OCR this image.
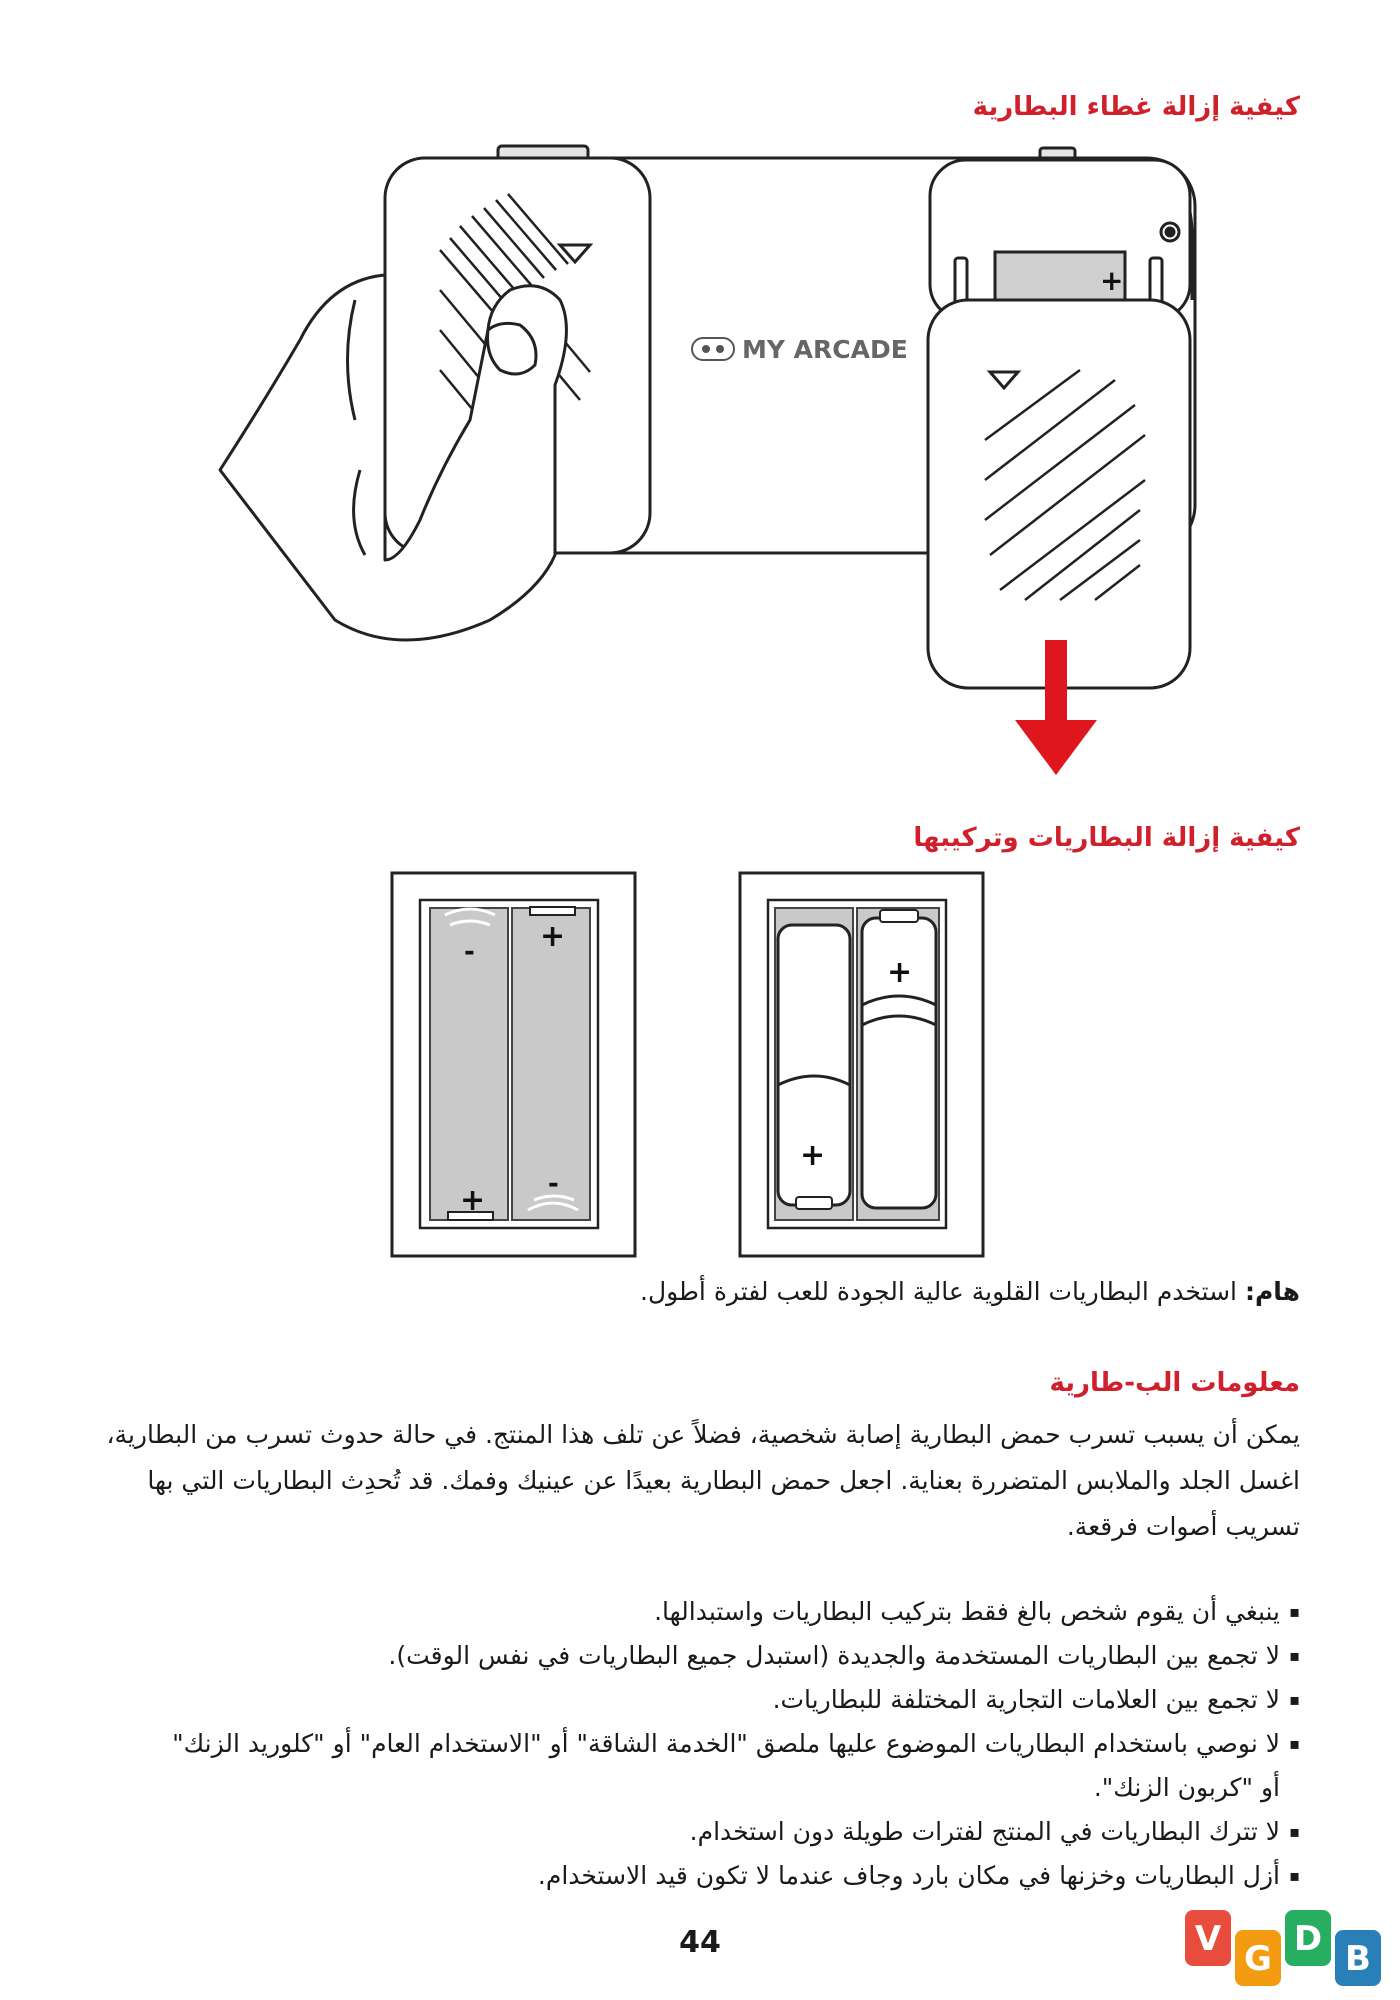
كيفية إزالة غطاء البطارية
كيفية إزالة البطاريات وتركيبها
معلومات الب-طارية
MY ARCADE
+
- +
+ -
+
+
هام: استخدم البطاريات القلوية عالية الجودة للعب لفترة أطول.
يمكن أن يسبب تسرب حمض البطارية إصابة شخصية، فضلاً عن تلف هذا المنتج. في حالة حدوث تسرب من البطارية،
اغسل الجلد والملابس المتضررة بعناية. اجعل حمض البطارية بعيدًا عن عينيك وفمك. قد تُحدِث البطاريات التي بها
تسريب أصوات فرقعة.
▪ ينبغي أن يقوم شخص بالغ فقط بتركيب البطاريات واستبدالها.
▪ لا تجمع بين البطاريات المستخدمة والجديدة (استبدل جميع البطاريات في نفس الوقت).
▪ لا تجمع بين العلامات التجارية المختلفة للبطاريات.
▪ لا نوصي باستخدام البطاريات الموضوع عليها ملصق "الخدمة الشاقة" أو "الاستخدام العام" أو "كلوريد الزنك"
أو "كربون الزنك".
▪ لا تترك البطاريات في المنتج لفترات طويلة دون استخدام.
▪ أزل البطاريات وخزنها في مكان بارد وجاف عندما لا تكون قيد الاستخدام.
44	V G D B
